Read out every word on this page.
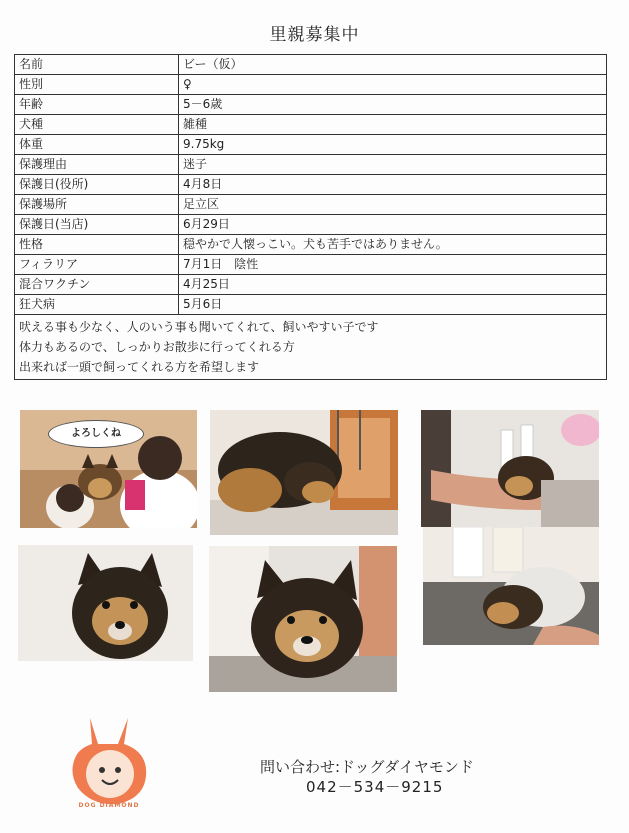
里親募集中
名前	ビー（仮）
性別	♀
年齢	5－6歳
犬種	雑種
体重	9.75kg
保護理由	迷子
保護日(役所)	4月8日
保護場所	足立区
保護日(当店)	6月29日
性格	穏やかで人懐っこい。犬も苦手ではありません。
フィラリア	7月1日　陰性
混合ワクチン	4月25日
狂犬病	5月6日

吠える事も少なく、人のいう事も聞いてくれて、飼いやすい子です
体力もあるので、しっかりお散歩に行ってくれる方
出来れば一頭で飼ってくれる方を希望します	
よろしくね
DOG DIAMOND
問い合わせ:ドッグダイヤモンド
042－534－9215
